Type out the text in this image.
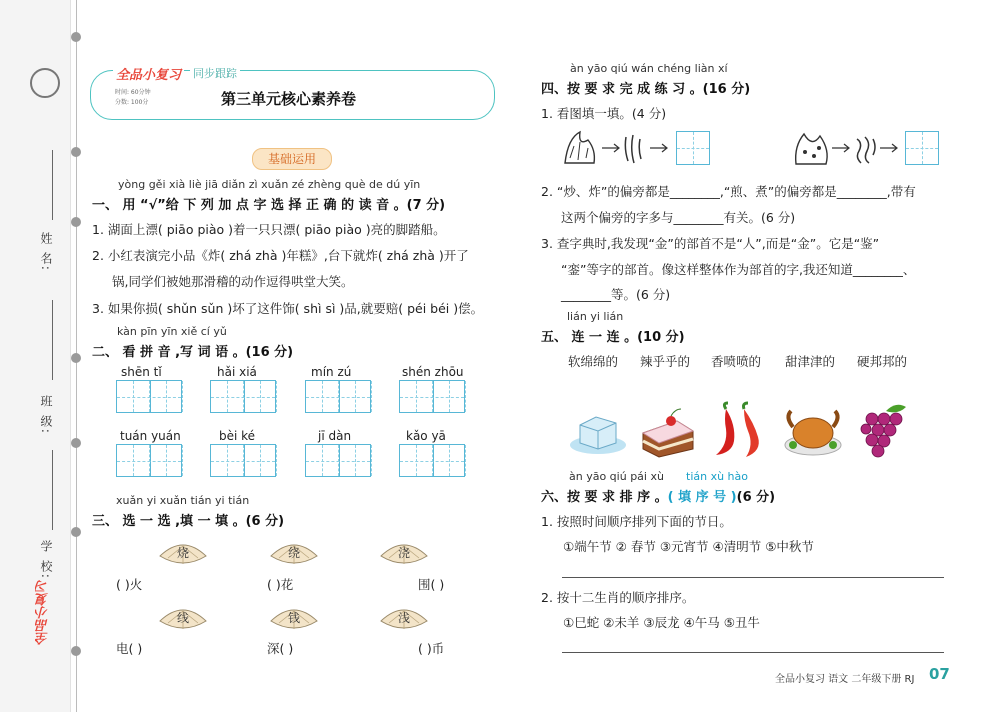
姓 名:
班 级:
学 校:
全品小复习
全品小复习 同步跟踪
时间: 60分钟
分数: 100分	第三单元核心素养卷
基础运用
yòng gěi xià liè jiā diǎn zì xuǎn zé zhèng què de dú yīn
一、 用 “√”给 下 列 加 点 字 选 择 正 确 的 读 音 。(7 分)
1. 湖面上漂( piāo piào )着一只只漂( piāo piào )亮的脚踏船。
2. 小红表演完小品《炸( zhá zhà )年糕》,台下就炸( zhá zhà )开了
锅,同学们被她那滑稽的动作逗得哄堂大笑。
3. 如果你损( shǔn sǔn )坏了这件饰( shì sì )品,就要赔( péi béi )偿。
kàn pīn yīn xiě cí yǔ
二、 看 拼 音 ,写 词 语 。(16 分)
shēn tǐ	hǎi xiá	mín zú	shén zhōu
tuán yuán	bèi ké	jī dàn	kǎo yā
xuǎn yi xuǎn tián yi tián
三、 选 一 选 ,填 一 填 。(6 分)
烧	绕	浇
( )火	( )花	围( )
线	钱	浅
电( )	深( )	( )币
àn yāo qiú wán chéng liàn xí
四、按 要 求 完 成 练 习 。(16 分)
1. 看图填一填。(4 分)
2. “炒、炸”的偏旁都是________,“煎、煮”的偏旁都是________,带有
这两个偏旁的字多与________有关。(6 分)
3. 查字典时,我发现“金”的部首不是“人”,而是“金”。它是“鉴”
“銮”等字的部首。像这样整体作为部首的字,我还知道________、
________等。(6 分)
lián yi lián
五、 连 一 连 。(10 分)
软绵绵的 辣乎乎的 香喷喷的 甜津津的 硬邦邦的
àn yāo qiú pái xù tián xù hào
六、按 要 求 排 序 。( 填 序 号 )(6 分)
1. 按照时间顺序排列下面的节日。
①端午节 ② 春节 ③元宵节 ④清明节 ⑤中秋节
2. 按十二生肖的顺序排序。
①巳蛇 ②未羊 ③辰龙 ④午马 ⑤丑牛
全品小复习 语文 二年级下册 RJ 07
